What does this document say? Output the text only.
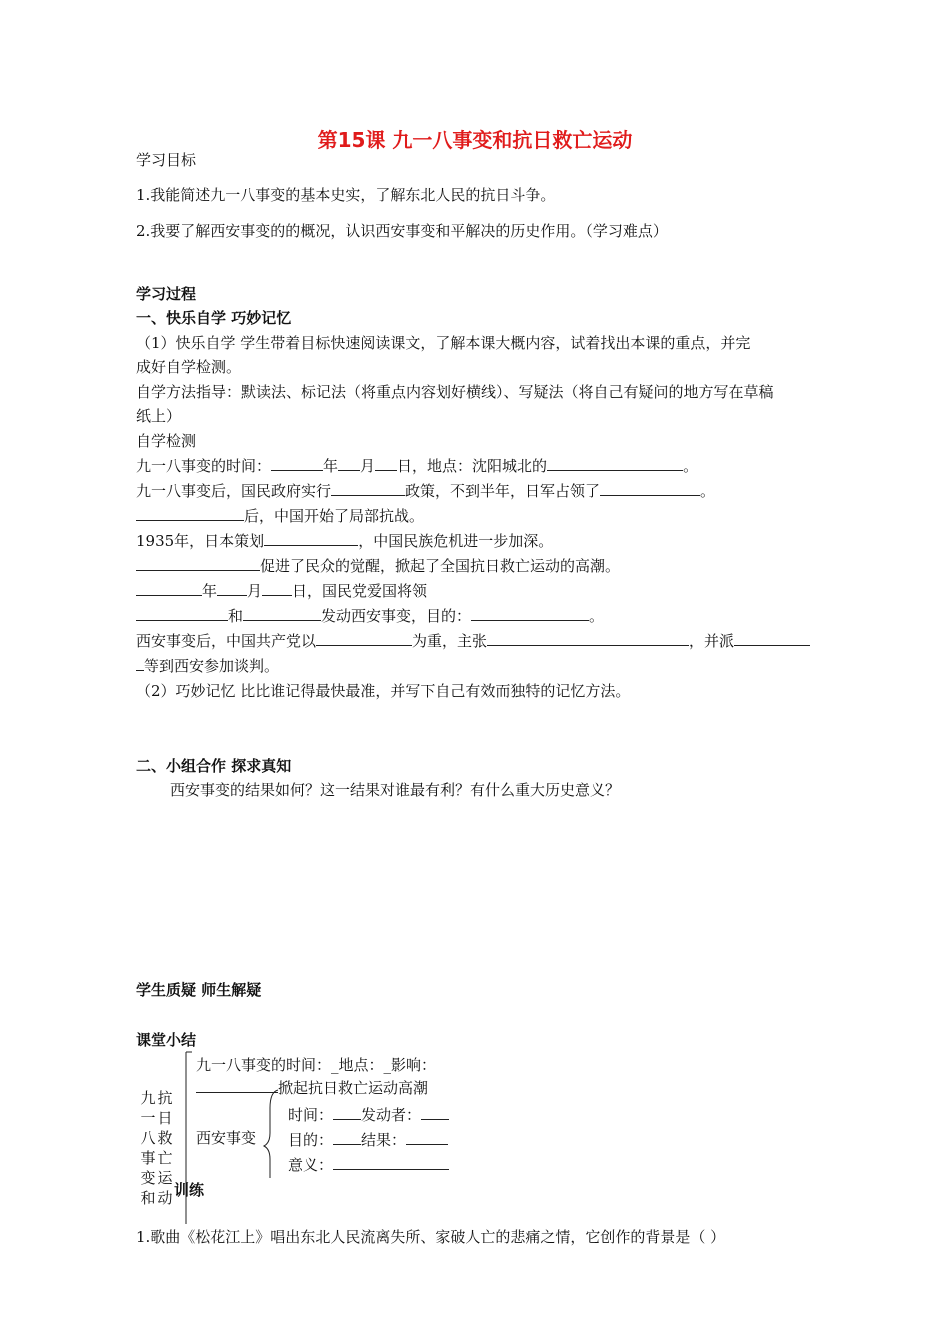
第15课 九一八事变和抗日救亡运动
学习目标
1.我能简述九一八事变的基本史实，了解东北人民的抗日斗争。
2.我要了解西安事变的的概况，认识西安事变和平解决的历史作用。（学习难点）
学习过程
一、快乐自学 巧妙记忆
（1）快乐自学 学生带着目标快速阅读课文，了解本课大概内容，试着找出本课的重点，并完
成好自学检测。
自学方法指导：默读法、标记法（将重点内容划好横线）、写疑法（将自己有疑问的地方写在草稿
纸上）
自学检测
九一八事变的时间：	年 月 日，地点：沈阳城北的	。
九一八事变后，国民政府实行	政策，不到半年，日军占领了	。
后，中国开始了局部抗战。
1935年，日本策划	，中国民族危机进一步加深。
促进了民众的觉醒，掀起了全国抗日救亡运动的高潮。
年 月 日，国民党爱国将领
和	发动西安事变，目的：	。
西安事变后，中国共产党以	为重，主张	，并派
等到西安参加谈判。
（2）巧妙记忆 比比谁记得最快最准，并写下自己有效而独特的记忆方法。
二、小组合作 探求真知
西安事变的结果如何？这一结果对谁最有利？有什么重大历史意义？
学生质疑 师生解疑
课堂小结
九
一
八
事
变
和
抗
日
救
亡
运
动
九一八事变的时间：_地点：_影响：
掀起抗日救亡运动高潮
西安事变
时间： 发动者：
目的： 结果：
意义：
训练
1.歌曲《松花江上》唱出东北人民流离失所、家破人亡的悲痛之情，它创作的背景是（ ）
